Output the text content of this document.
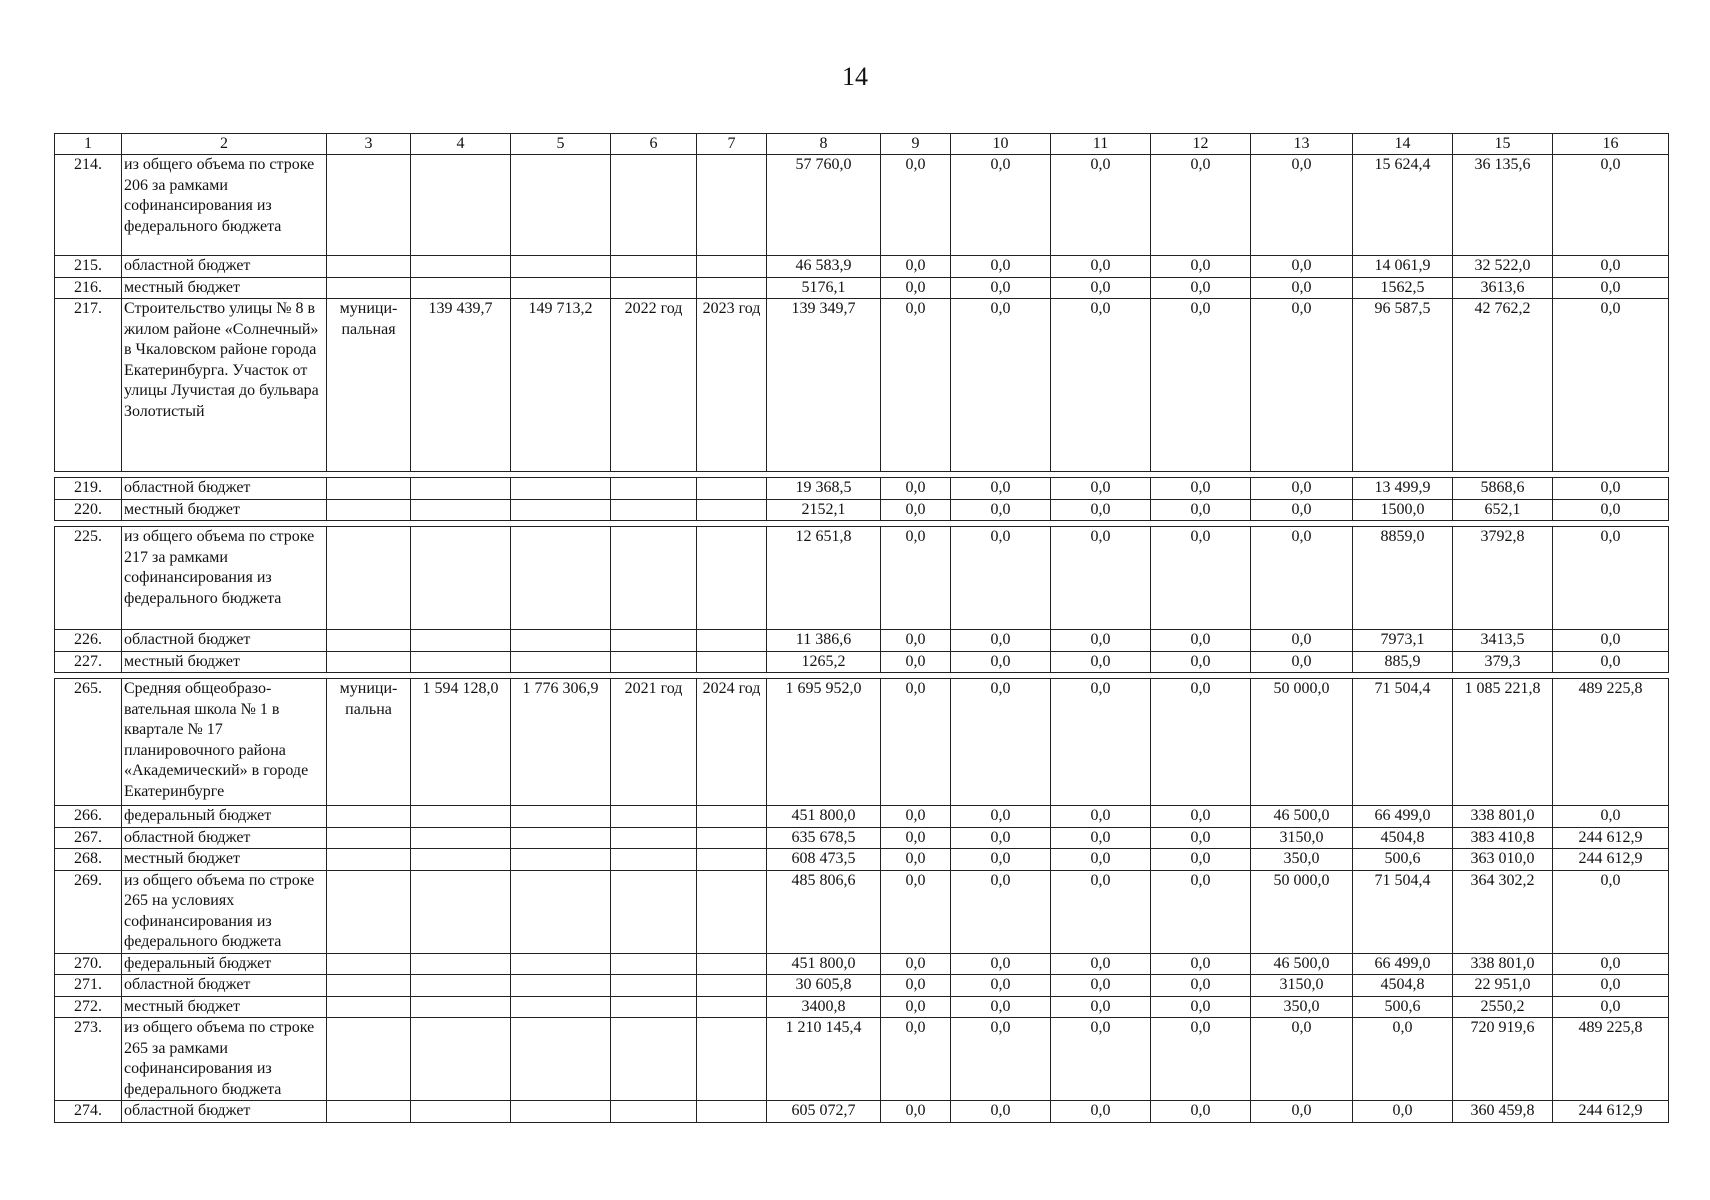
14
1	2	3	4	5	6	7	8	9	10	11	12	13	14	15	16
214.	из общего объема по строке 206 за рамками софинансирования из федерального бюджета						57 760,0	0,0	0,0	0,0	0,0	0,0	15 624,4	36 135,6	0,0
215.	областной бюджет						46 583,9	0,0	0,0	0,0	0,0	0,0	14 061,9	32 522,0	0,0
216.	местный бюджет						5176,1	0,0	0,0	0,0	0,0	0,0	1562,5	3613,6	0,0
217.	Строительство улицы № 8 в жилом районе «Солнечный» в Чкаловском районе города Екатеринбурга. Участок от улицы Лучистая до бульвара Золотистый	муници-пальная	139 439,7	149 713,2	2022 год	2023 год	139 349,7	0,0	0,0	0,0	0,0	0,0	96 587,5	42 762,2	0,0

219.	областной бюджет						19 368,5	0,0	0,0	0,0	0,0	0,0	13 499,9	5868,6	0,0
220.	местный бюджет						2152,1	0,0	0,0	0,0	0,0	0,0	1500,0	652,1	0,0

225.	из общего объема по строке 217 за рамками софинансирования из федерального бюджета						12 651,8	0,0	0,0	0,0	0,0	0,0	8859,0	3792,8	0,0
226.	областной бюджет						11 386,6	0,0	0,0	0,0	0,0	0,0	7973,1	3413,5	0,0
227.	местный бюджет						1265,2	0,0	0,0	0,0	0,0	0,0	885,9	379,3	0,0

265.	Средняя общеобразо-вательная школа № 1 в квартале № 17 планировочного района «Академический» в городе Екатеринбурге	муници-пальна	1 594 128,0	1 776 306,9	2021 год	2024 год	1 695 952,0	0,0	0,0	0,0	0,0	50 000,0	71 504,4	1 085 221,8	489 225,8
266.	федеральный бюджет						451 800,0	0,0	0,0	0,0	0,0	46 500,0	66 499,0	338 801,0	0,0
267.	областной бюджет						635 678,5	0,0	0,0	0,0	0,0	3150,0	4504,8	383 410,8	244 612,9
268.	местный бюджет						608 473,5	0,0	0,0	0,0	0,0	350,0	500,6	363 010,0	244 612,9
269.	из общего объема по строке 265 на условиях софинансирования из федерального бюджета						485 806,6	0,0	0,0	0,0	0,0	50 000,0	71 504,4	364 302,2	0,0
270.	федеральный бюджет						451 800,0	0,0	0,0	0,0	0,0	46 500,0	66 499,0	338 801,0	0,0
271.	областной бюджет						30 605,8	0,0	0,0	0,0	0,0	3150,0	4504,8	22 951,0	0,0
272.	местный бюджет						3400,8	0,0	0,0	0,0	0,0	350,0	500,6	2550,2	0,0
273.	из общего объема по строке 265 за рамками софинансирования из федерального бюджета						1 210 145,4	0,0	0,0	0,0	0,0	0,0	0,0	720 919,6	489 225,8
274.	областной бюджет						605 072,7	0,0	0,0	0,0	0,0	0,0	0,0	360 459,8	244 612,9
